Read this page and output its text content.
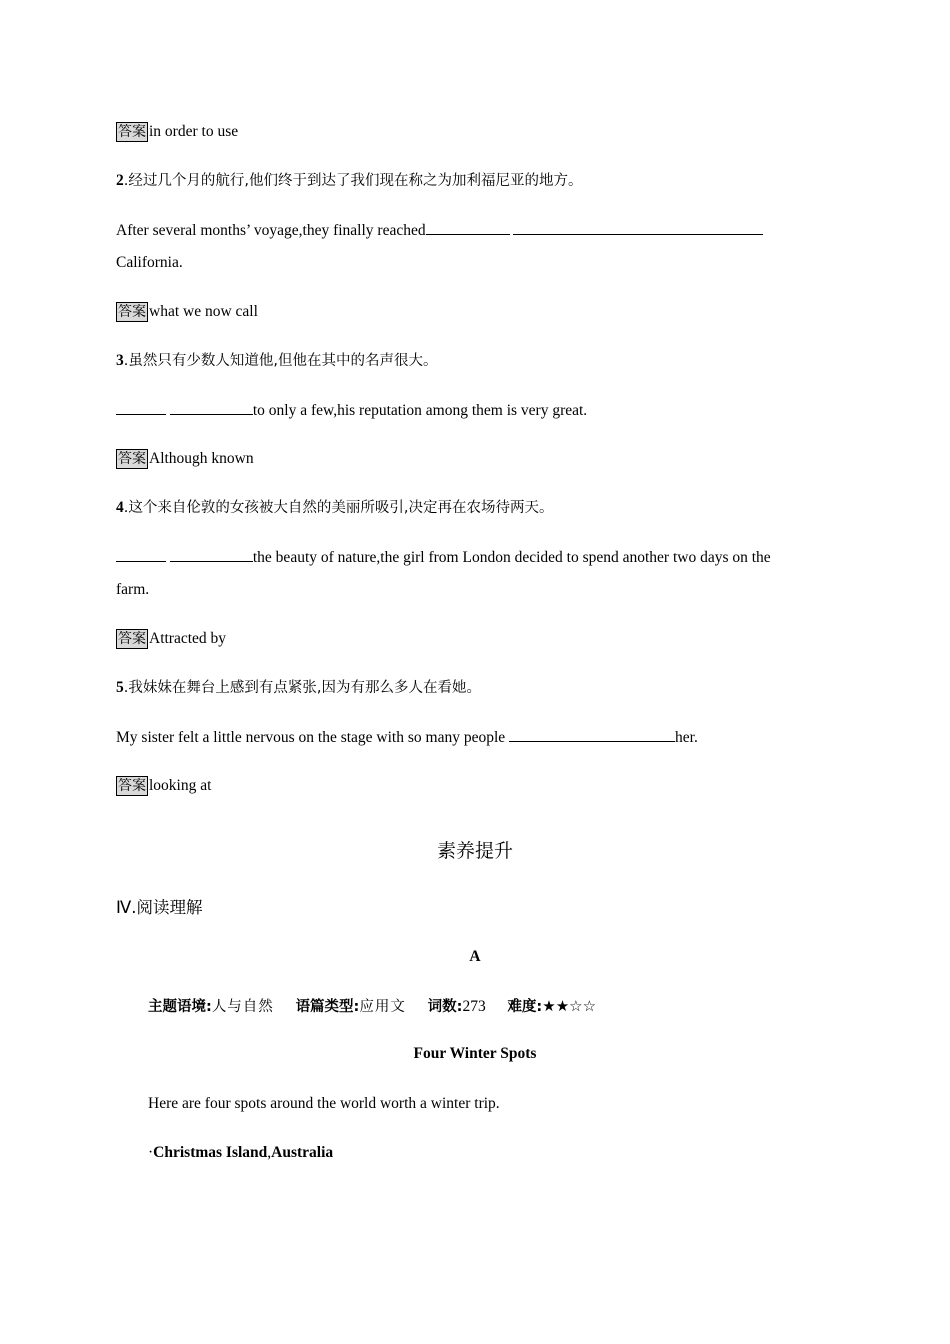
答案 in order to use
2.经过几个月的航行,他们终于到达了我们现在称之为加利福尼亚的地方。
After several months’ voyage,they finally reached
California.
答案 what we now call
3.虽然只有少数人知道他,但他在其中的名声很大。
to only a few,his reputation among them is very great.
答案 Although known
4.这个来自伦敦的女孩被大自然的美丽所吸引,决定再在农场待两天。
the beauty of nature,the girl from London decided to spend another two days on the
farm.
答案 Attracted by
5.我妹妹在舞台上感到有点紧张,因为有那么多人在看她。
My sister felt a little nervous on the stage with so many people	her.
答案 looking at
素养提升
Ⅳ.阅读理解
A
主题语境:人与自然 语篇类型:应用文 词数:273 难度:★★☆☆
Four Winter Spots
Here are four spots around the world worth a winter trip.
·Christmas Island,Australia
